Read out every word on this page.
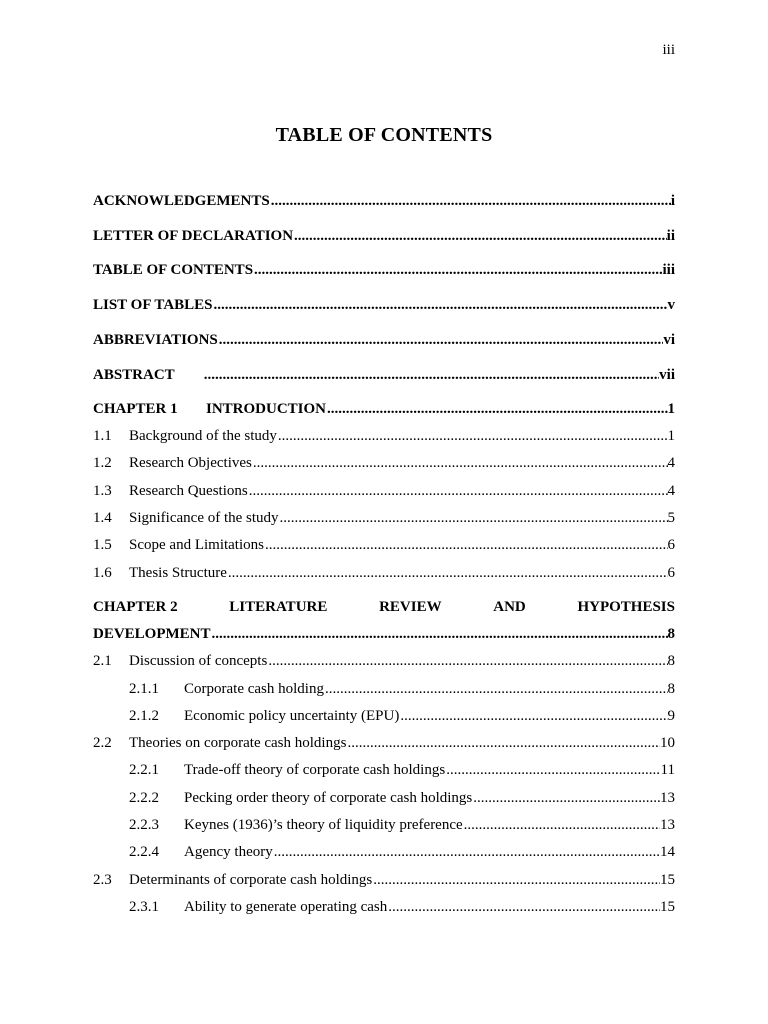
iii
TABLE OF CONTENTS
ACKNOWLEDGEMENTS .....	i
LETTER OF DECLARATION .....	ii
TABLE OF CONTENTS .....	iii
LIST OF TABLES .....	v
ABBREVIATIONS .....	vi
ABSTRACT .....	vii
CHAPTER 1	INTRODUCTION .....	1
1.1	Background of the study .....	1
1.2	Research Objectives .....	4
1.3	Research Questions .....	4
1.4	Significance of the study .....	5
1.5	Scope and Limitations .....	6
1.6	Thesis Structure .....	6
CHAPTER 2	LITERATURE	REVIEW	AND	HYPOTHESIS
DEVELOPMENT .....	8
2.1	Discussion of concepts .....	8
2.1.1	Corporate cash holding .....	8
2.1.2	Economic policy uncertainty (EPU) .....	9
2.2	Theories on corporate cash holdings .....	10
2.2.1	Trade-off theory of corporate cash holdings .....	11
2.2.2	Pecking order theory of corporate cash holdings .....	13
2.2.3	Keynes (1936)’s theory of liquidity preference .....	13
2.2.4	Agency theory .....	14
2.3	Determinants of corporate cash holdings .....	15
2.3.1	Ability to generate operating cash .....	15
